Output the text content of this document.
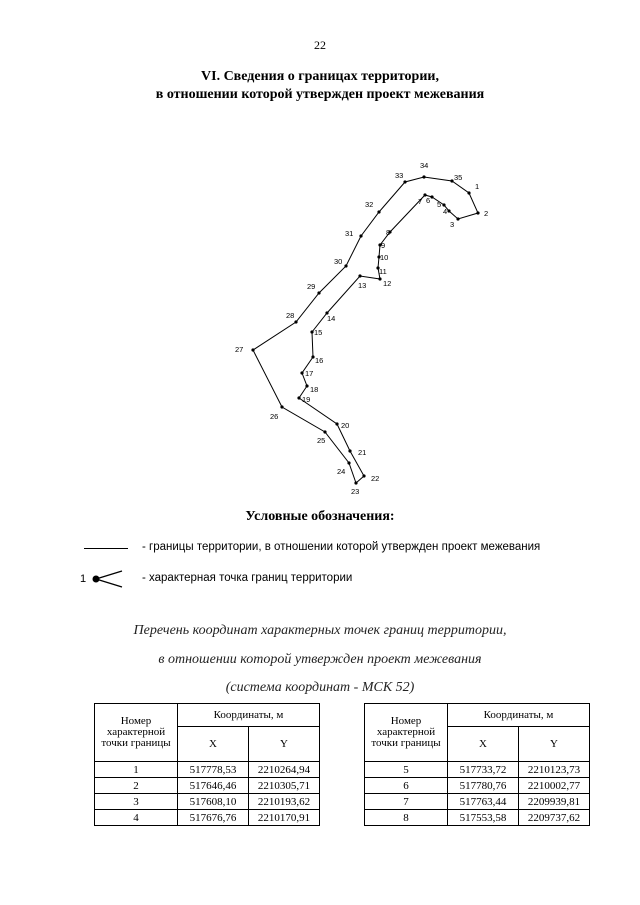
22
VI. Сведения о границах территории,
в отношении которой утвержден проект межевания
1
2
3
4
5
6
7
8
9
10
11
12
13
14
15
16
17
18
19
20
21
22
23
24
25
26
27
28
29
30
31
32
33
34
35
Условные обозначения:
- границы территории, в отношении которой утвержден проект межевания
1	- характерная точка границ территории
Перечень координат характерных точек границ территории,
в отношении которой утвержден проект межевания
(система координат - МСК 52)
Номер характерной точки границы	Координаты, м	
	X	Y
1	517778,53	2210264,94
2	517646,46	2210305,71
3	517608,10	2210193,62
4	517676,76	2210170,91
Номер характерной точки границы	Координаты, м	
	X	Y
5	517733,72	2210123,73
6	517780,76	2210002,77
7	517763,44	2209939,81
8	517553,58	2209737,62
